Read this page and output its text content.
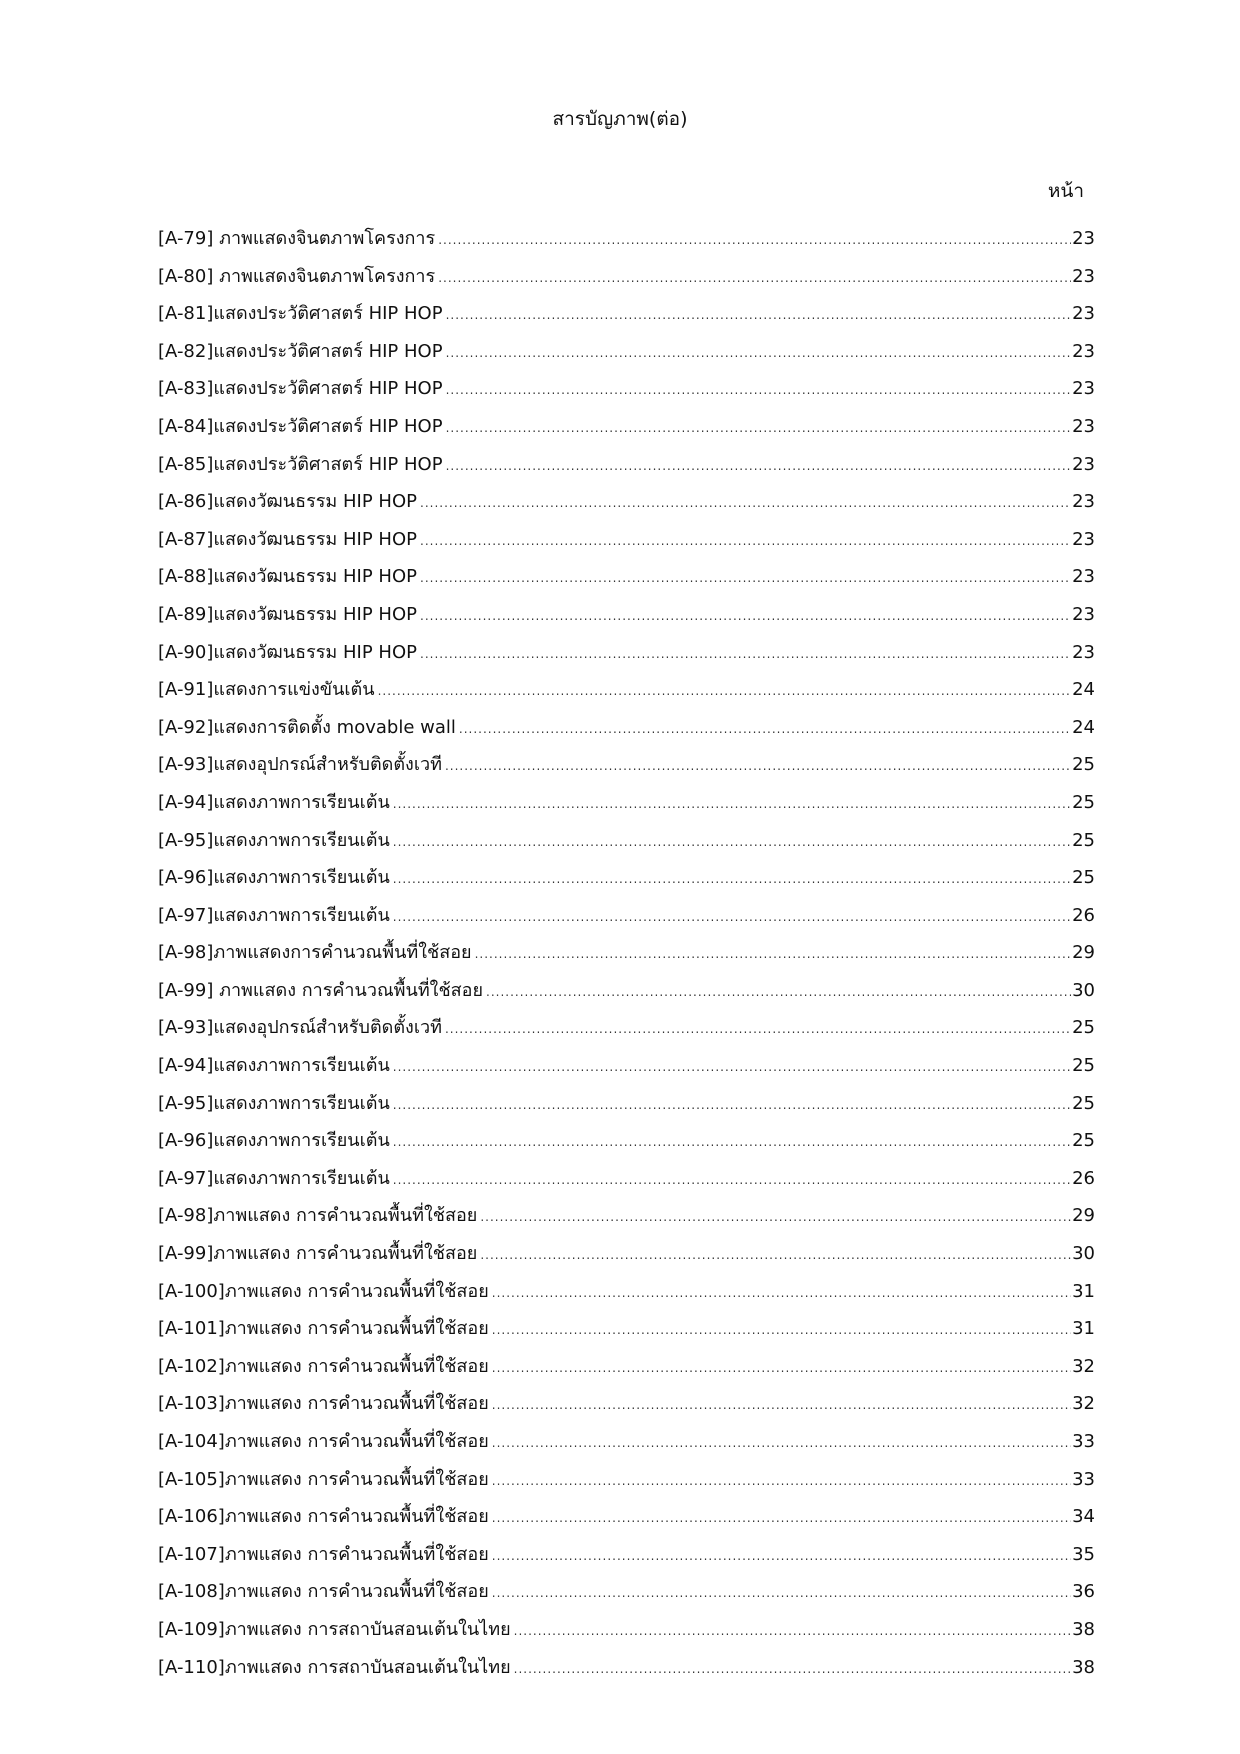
สารบัญภาพ(ต่อ)
หน้า
[A-79] ภาพแสดงจินตภาพโครงการ .....	23
[A-80] ภาพแสดงจินตภาพโครงการ .....	23
[A-81]แสดงประวัติศาสตร์ HIP HOP .....	23
[A-82]แสดงประวัติศาสตร์ HIP HOP .....	23
[A-83]แสดงประวัติศาสตร์ HIP HOP .....	23
[A-84]แสดงประวัติศาสตร์ HIP HOP .....	23
[A-85]แสดงประวัติศาสตร์ HIP HOP .....	23
[A-86]แสดงวัฒนธรรม HIP HOP .....	23
[A-87]แสดงวัฒนธรรม HIP HOP .....	23
[A-88]แสดงวัฒนธรรม HIP HOP .....	23
[A-89]แสดงวัฒนธรรม HIP HOP .....	23
[A-90]แสดงวัฒนธรรม HIP HOP .....	23
[A-91]แสดงการแข่งขันเต้น .....	24
[A-92]แสดงการติดตั้ง movable wall .....	24
[A-93]แสดงอุปกรณ์สำหรับติดตั้งเวที .....	25
[A-94]แสดงภาพการเรียนเต้น .....	25
[A-95]แสดงภาพการเรียนเต้น .....	25
[A-96]แสดงภาพการเรียนเต้น .....	25
[A-97]แสดงภาพการเรียนเต้น .....	26
[A-98]ภาพแสดงการคำนวณพื้นที่ใช้สอย .....	29
[A-99] ภาพแสดง การคำนวณพื้นที่ใช้สอย .....	30
[A-93]แสดงอุปกรณ์สำหรับติดตั้งเวที .....	25
[A-94]แสดงภาพการเรียนเต้น .....	25
[A-95]แสดงภาพการเรียนเต้น .....	25
[A-96]แสดงภาพการเรียนเต้น .....	25
[A-97]แสดงภาพการเรียนเต้น .....	26
[A-98]ภาพแสดง การคำนวณพื้นที่ใช้สอย .....	29
[A-99]ภาพแสดง การคำนวณพื้นที่ใช้สอย .....	30
[A-100]ภาพแสดง การคำนวณพื้นที่ใช้สอย .....	31
[A-101]ภาพแสดง การคำนวณพื้นที่ใช้สอย .....	31
[A-102]ภาพแสดง การคำนวณพื้นที่ใช้สอย .....	32
[A-103]ภาพแสดง การคำนวณพื้นที่ใช้สอย .....	32
[A-104]ภาพแสดง การคำนวณพื้นที่ใช้สอย .....	33
[A-105]ภาพแสดง การคำนวณพื้นที่ใช้สอย .....	33
[A-106]ภาพแสดง การคำนวณพื้นที่ใช้สอย .....	34
[A-107]ภาพแสดง การคำนวณพื้นที่ใช้สอย .....	35
[A-108]ภาพแสดง การคำนวณพื้นที่ใช้สอย .....	36
[A-109]ภาพแสดง การสถาบันสอนเต้นในไทย .....	38
[A-110]ภาพแสดง การสถาบันสอนเต้นในไทย .....	38
